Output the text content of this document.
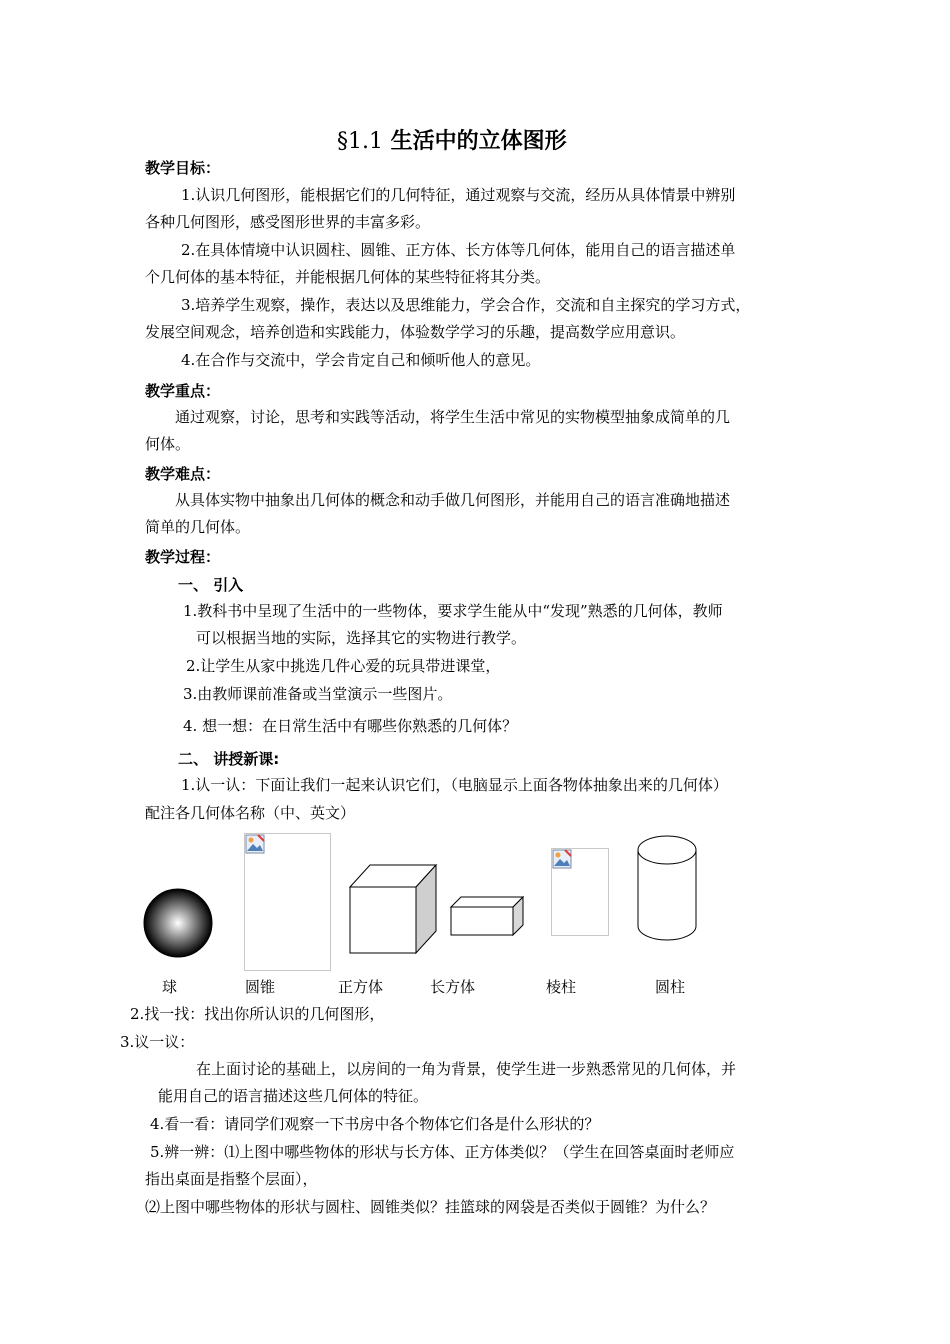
§1.1 生活中的立体图形
教学目标：
1.认识几何图形，能根据它们的几何特征，通过观察与交流，经历从具体情景中辨别
各种几何图形，感受图形世界的丰富多彩。
2.在具体情境中认识圆柱、圆锥、正方体、长方体等几何体，能用自己的语言描述单
个几何体的基本特征，并能根据几何体的某些特征将其分类。
3.培养学生观察，操作，表达以及思维能力，学会合作，交流和自主探究的学习方式，
发展空间观念，培养创造和实践能力，体验数学学习的乐趣，提高数学应用意识。
4.在合作与交流中，学会肯定自己和倾听他人的意见。
教学重点：
通过观察，讨论，思考和实践等活动，将学生生活中常见的实物模型抽象成简单的几
何体。
教学难点：
从具体实物中抽象出几何体的概念和动手做几何图形，并能用自己的语言准确地描述
简单的几何体。
教学过程：
一、 引入
1.教科书中呈现了生活中的一些物体，要求学生能从中“发现”熟悉的几何体，教师
可以根据当地的实际，选择其它的实物进行教学。
2.让学生从家中挑选几件心爱的玩具带进课堂，
3.由教师课前准备或当堂演示一些图片。
4. 想一想：在日常生活中有哪些你熟悉的几何体？
二、 讲授新课:
1.认一认：下面让我们一起来认识它们，（电脑显示上面各物体抽象出来的几何体）
配注各几何体名称（中、英文）
球	圆锥	正方体	长方体	棱柱	圆柱
2.找一找：找出你所认识的几何图形，
3.议一议：
在上面讨论的基础上，以房间的一角为背景，使学生进一步熟悉常见的几何体，并
能用自己的语言描述这些几何体的特征。
4.看一看：请同学们观察一下书房中各个物体它们各是什么形状的？
5.辨一辨：⑴上图中哪些物体的形状与长方体、正方体类似？（学生在回答桌面时老师应
指出桌面是指整个层面），
⑵上图中哪些物体的形状与圆柱、圆锥类似？挂篮球的网袋是否类似于圆锥？为什么？
